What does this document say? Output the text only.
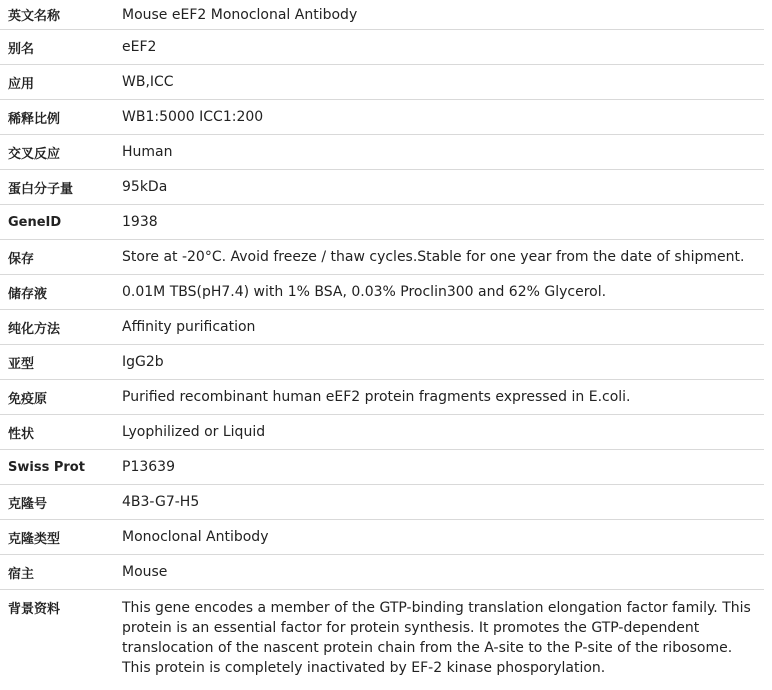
英文名称	Mouse eEF2 Monoclonal Antibody
别名	eEF2
应用	WB,ICC
稀释比例	WB1:5000 ICC1:200
交叉反应	Human
蛋白分子量	95kDa
GeneID	1938
保存	Store at -20°C. Avoid freeze / thaw cycles.Stable for one year from the date of shipment.
储存液	0.01M TBS(pH7.4) with 1% BSA, 0.03% Proclin300 and 62% Glycerol.
纯化方法	Affinity purification
亚型	IgG2b
免疫原	Purified recombinant human eEF2 protein fragments expressed in E.coli.
性状	Lyophilized or Liquid
Swiss Prot	P13639
克隆号	4B3-G7-H5
克隆类型	Monoclonal Antibody
宿主	Mouse
背景资料	This gene encodes a member of the GTP-binding translation elongation factor family. This protein is an essential factor for protein synthesis. It promotes the GTP-dependent translocation of the nascent protein chain from the A-site to the P-site of the ribosome. This protein is completely inactivated by EF-2 kinase phosporylation.
